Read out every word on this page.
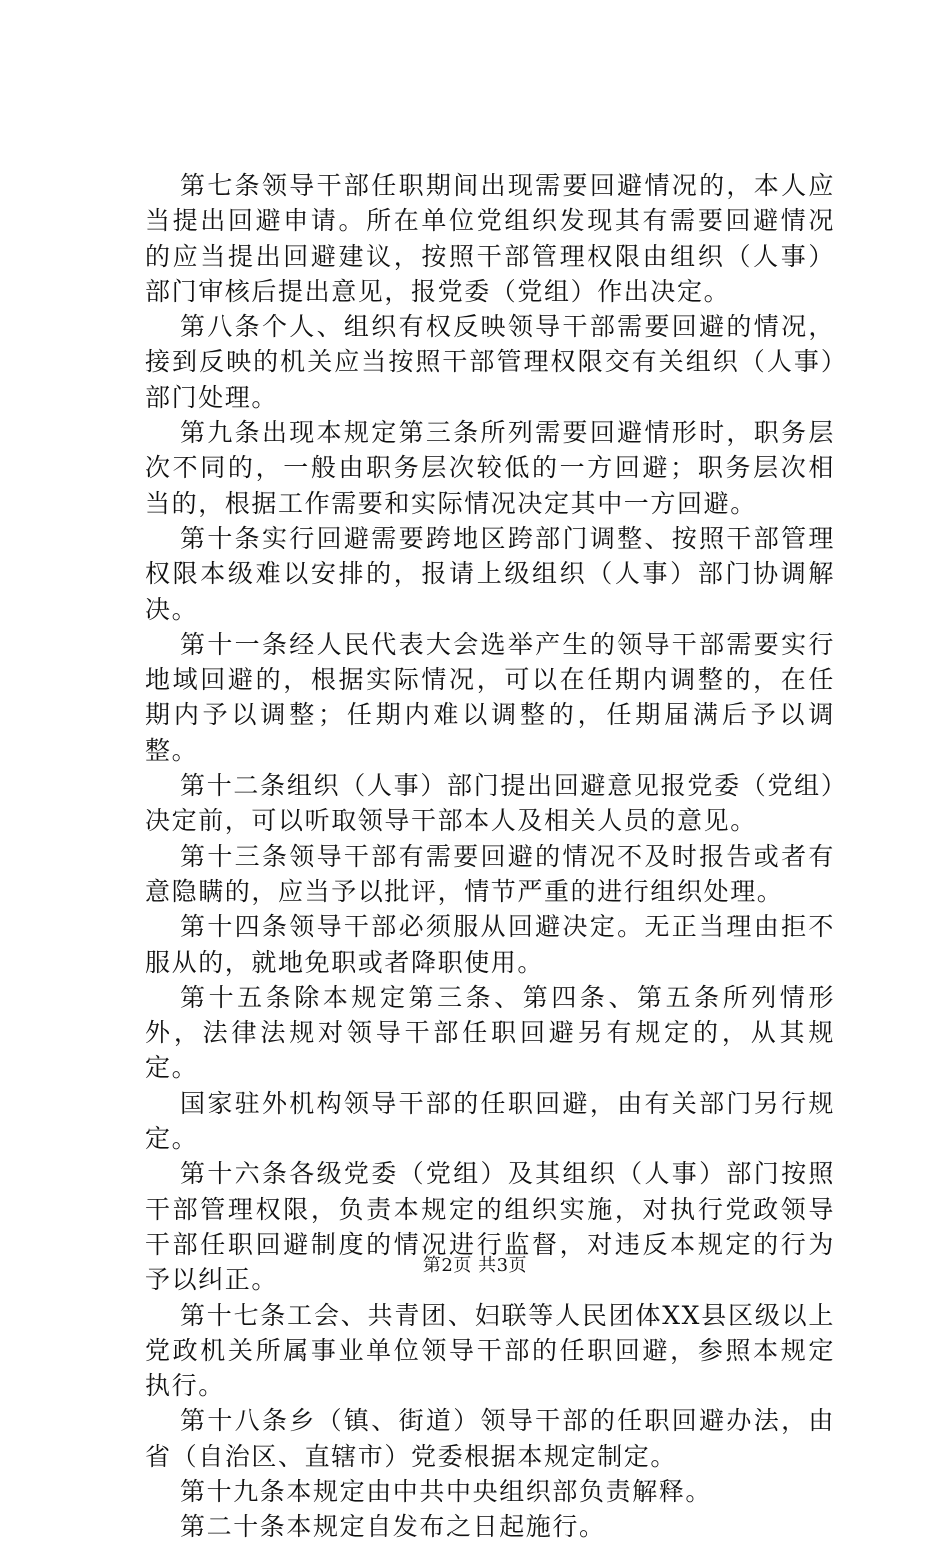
第七条领导干部任职期间出现需要回避情况的，本人应当提出回避申请。所在单位党组织发现其有需要回避情况的应当提出回避建议，按照干部管理权限由组织（人事）部门审核后提出意见，报党委（党组）作出决定。

第八条个人、组织有权反映领导干部需要回避的情况，接到反映的机关应当按照干部管理权限交有关组织（人事）部门处理。

第九条出现本规定第三条所列需要回避情形时，职务层次不同的，一般由职务层次较低的一方回避；职务层次相当的，根据工作需要和实际情况决定其中一方回避。

第十条实行回避需要跨地区跨部门调整、按照干部管理权限本级难以安排的，报请上级组织（人事）部门协调解决。

第十一条经人民代表大会选举产生的领导干部需要实行地域回避的，根据实际情况，可以在任期内调整的，在任期内予以调整；任期内难以调整的，任期届满后予以调整。

第十二条组织（人事）部门提出回避意见报党委（党组）决定前，可以听取领导干部本人及相关人员的意见。

第十三条领导干部有需要回避的情况不及时报告或者有意隐瞒的，应当予以批评，情节严重的进行组织处理。

第十四条领导干部必须服从回避决定。无正当理由拒不服从的，就地免职或者降职使用。

第十五条除本规定第三条、第四条、第五条所列情形外，法律法规对领导干部任职回避另有规定的，从其规定。

国家驻外机构领导干部的任职回避，由有关部门另行规定。

第十六条各级党委（党组）及其组织（人事）部门按照干部管理权限，负责本规定的组织实施，对执行党政领导干部任职回避制度的情况进行监督，对违反本规定的行为予以纠正。

第十七条工会、共青团、妇联等人民团体XX县区级以上党政机关所属事业单位领导干部的任职回避，参照本规定执行。

第十八条乡（镇、街道）领导干部的任职回避办法，由省（自治区、直辖市）党委根据本规定制定。

第十九条本规定由中共中央组织部负责解释。

第二十条本规定自发布之日起施行。

第2页 共3页
